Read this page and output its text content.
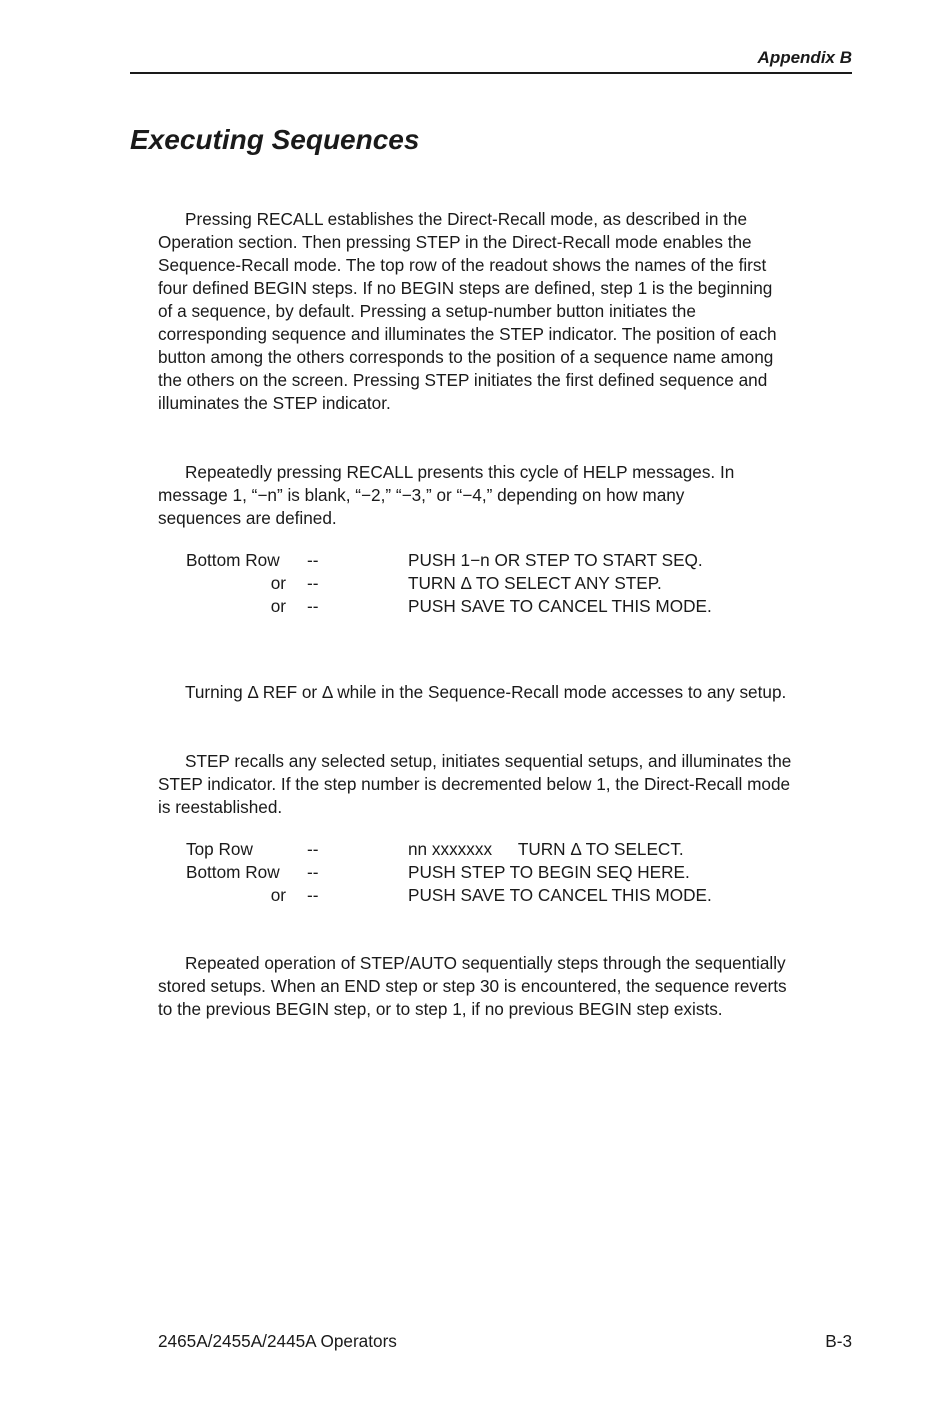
Appendix B
Executing Sequences
Pressing RECALL establishes the Direct-Recall mode, as described in the
Operation section. Then pressing STEP in the Direct-Recall mode enables the
Sequence-Recall mode. The top row of the readout shows the names of the first
four defined BEGIN steps. If no BEGIN steps are defined, step 1 is the beginning
of a sequence, by default. Pressing a setup-number button initiates the
corresponding sequence and illuminates the STEP indicator. The position of each
button among the others corresponds to the position of a sequence name among
the others on the screen. Pressing STEP initiates the first defined sequence and
illuminates the STEP indicator.
Repeatedly pressing RECALL presents this cycle of HELP messages. In
message 1, “−n” is blank, “−2,” “−3,” or “−4,” depending on how many
sequences are defined.
Bottom Row	--	PUSH 1−n OR STEP TO START SEQ.
or --	TURN Δ TO SELECT ANY STEP.
or --	PUSH SAVE TO CANCEL THIS MODE.
Turning Δ REF or Δ while in the Sequence-Recall mode accesses to any setup.
STEP recalls any selected setup, initiates sequential setups, and illuminates the
STEP indicator. If the step number is decremented below 1, the Direct-Recall mode
is reestablished.
Top Row	--	nn xxxxxxx  TURN Δ TO SELECT.
Bottom Row	--	PUSH STEP TO BEGIN SEQ HERE.
or --	PUSH SAVE TO CANCEL THIS MODE.
Repeated operation of STEP/AUTO sequentially steps through the sequentially
stored setups. When an END step or step 30 is encountered, the sequence reverts
to the previous BEGIN step, or to step 1, if no previous BEGIN step exists.
2465A/2455A/2445A Operators	B-3
